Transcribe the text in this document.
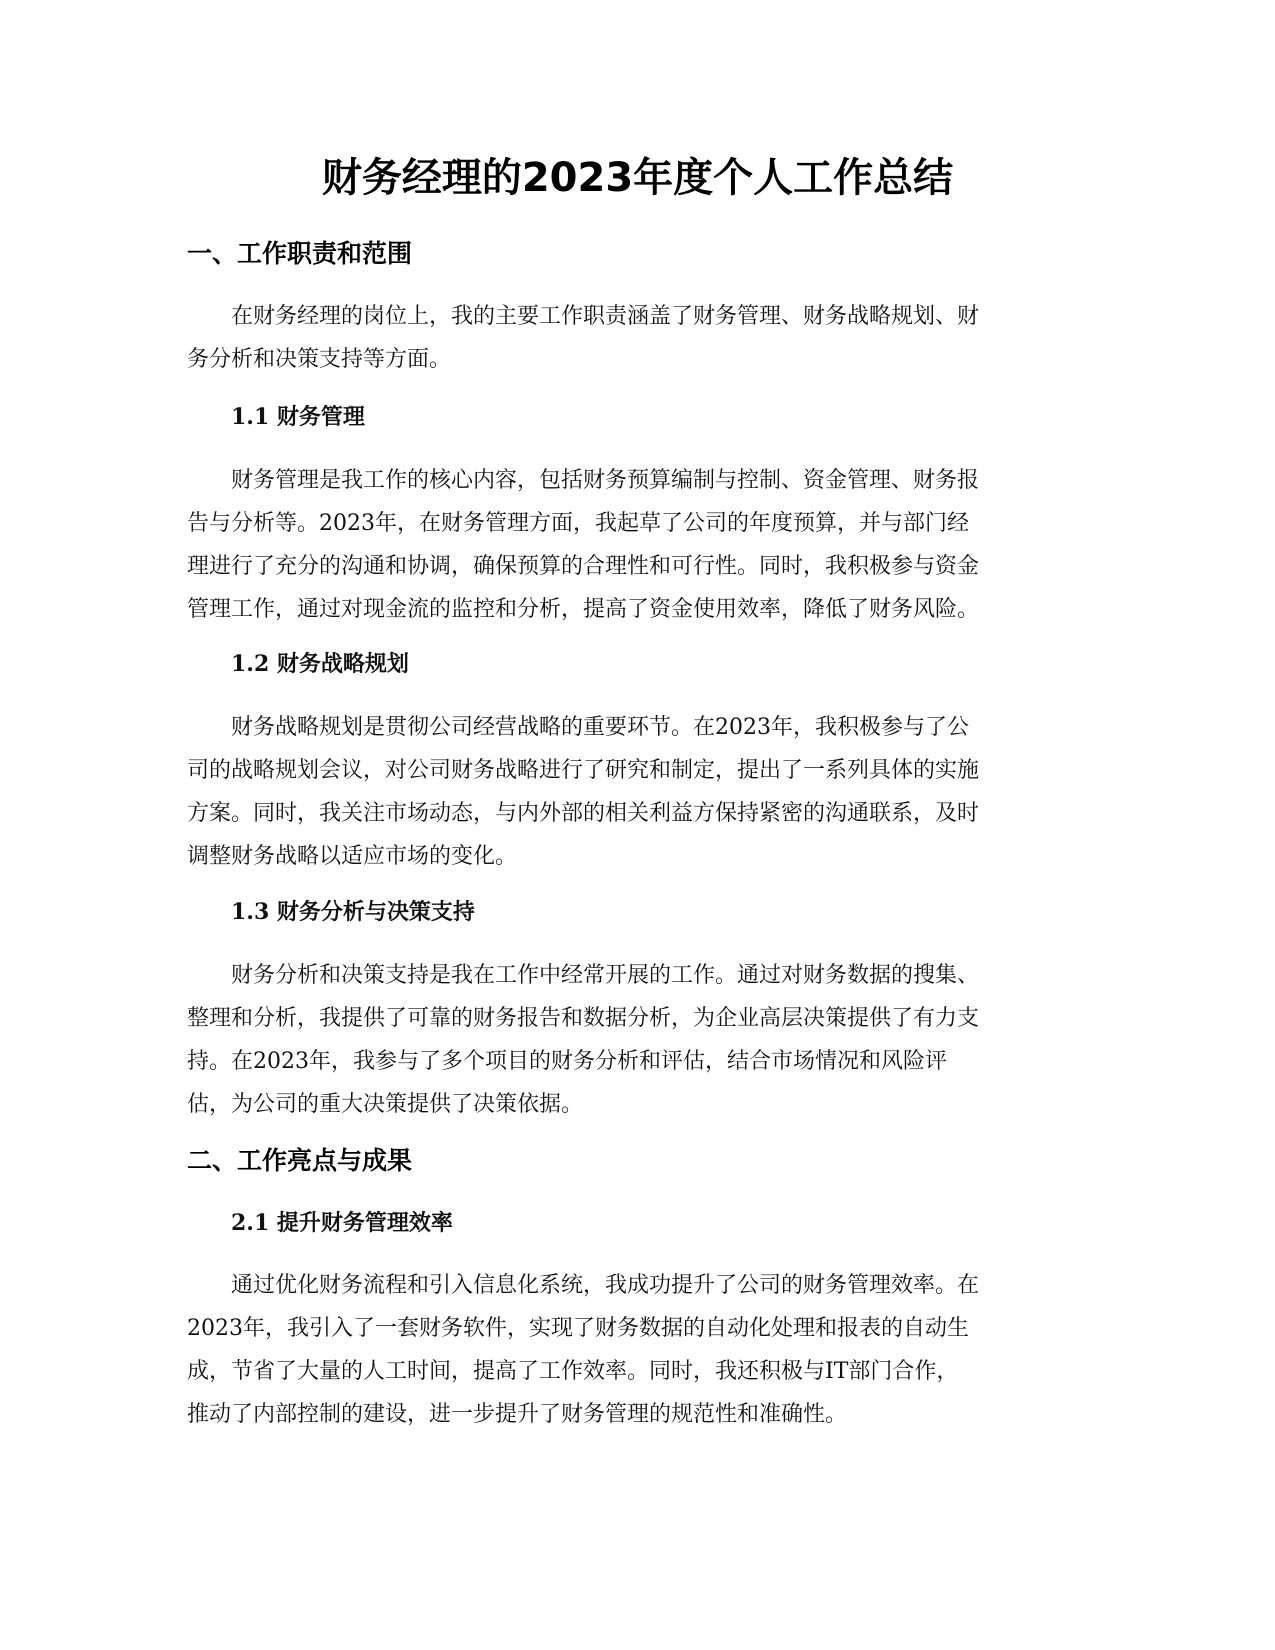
财务经理的2023年度个人工作总结
一、工作职责和范围
在财务经理的岗位上，我的主要工作职责涵盖了财务管理、财务战略规划、财
务分析和决策支持等方面。
1.1 财务管理
财务管理是我工作的核心内容，包括财务预算编制与控制、资金管理、财务报
告与分析等。2023年，在财务管理方面，我起草了公司的年度预算，并与部门经
理进行了充分的沟通和协调，确保预算的合理性和可行性。同时，我积极参与资金
管理工作，通过对现金流的监控和分析，提高了资金使用效率，降低了财务风险。
1.2 财务战略规划
财务战略规划是贯彻公司经营战略的重要环节。在2023年，我积极参与了公
司的战略规划会议，对公司财务战略进行了研究和制定，提出了一系列具体的实施
方案。同时，我关注市场动态，与内外部的相关利益方保持紧密的沟通联系，及时
调整财务战略以适应市场的变化。
1.3 财务分析与决策支持
财务分析和决策支持是我在工作中经常开展的工作。通过对财务数据的搜集、
整理和分析，我提供了可靠的财务报告和数据分析，为企业高层决策提供了有力支
持。在2023年，我参与了多个项目的财务分析和评估，结合市场情况和风险评
估，为公司的重大决策提供了决策依据。
二、工作亮点与成果
2.1 提升财务管理效率
通过优化财务流程和引入信息化系统，我成功提升了公司的财务管理效率。在
2023年，我引入了一套财务软件，实现了财务数据的自动化处理和报表的自动生
成，节省了大量的人工时间，提高了工作效率。同时，我还积极与IT部门合作，
推动了内部控制的建设，进一步提升了财务管理的规范性和准确性。
